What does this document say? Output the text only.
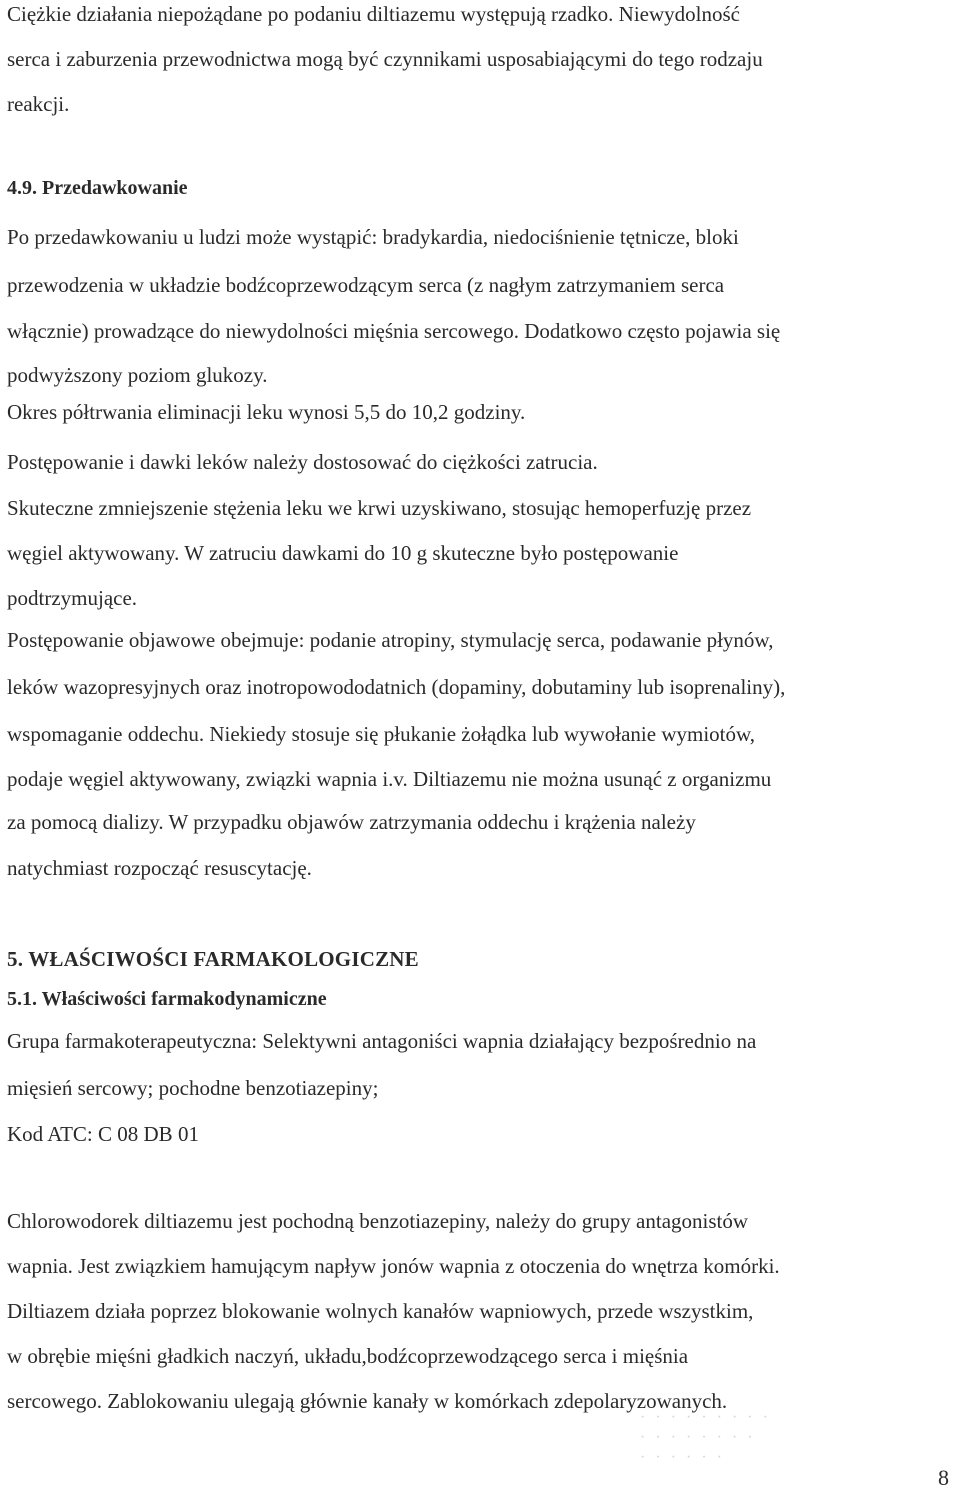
Ciężkie działania niepożądane po podaniu diltiazemu występują rzadko. Niewydolność
serca i zaburzenia przewodnictwa mogą być czynnikami usposabiającymi do tego rodzaju
reakcji.
4.9. Przedawkowanie
Po przedawkowaniu u ludzi może wystąpić: bradykardia, niedociśnienie tętnicze, bloki
przewodzenia w układzie bodźcoprzewodzącym serca (z nagłym zatrzymaniem serca
włącznie) prowadzące do niewydolności mięśnia sercowego. Dodatkowo często pojawia się
podwyższony poziom glukozy.
Okres półtrwania eliminacji leku wynosi 5,5 do 10,2 godziny.
Postępowanie i dawki leków należy dostosować do ciężkości zatrucia.
Skuteczne zmniejszenie stężenia leku we krwi uzyskiwano, stosując hemoperfuzję przez
węgiel aktywowany. W zatruciu dawkami do 10 g skuteczne było postępowanie
podtrzymujące.
Postępowanie objawowe obejmuje: podanie atropiny, stymulację serca, podawanie płynów,
leków wazopresyjnych oraz inotropowododatnich (dopaminy, dobutaminy lub isoprenaliny),
wspomaganie oddechu. Niekiedy stosuje się płukanie żołądka lub wywołanie wymiotów,
podaje węgiel aktywowany, związki wapnia i.v. Diltiazemu nie można usunąć z organizmu
za pomocą dializy. W przypadku objawów zatrzymania oddechu i krążenia należy
natychmiast rozpocząć resuscytację.
5. WŁAŚCIWOŚCI FARMAKOLOGICZNE
5.1. Właściwości farmakodynamiczne
Grupa farmakoterapeutyczna: Selektywni antagoniści wapnia działający bezpośrednio na
mięsień sercowy; pochodne benzotiazepiny;
Kod ATC: C 08 DB 01
Chlorowodorek diltiazemu jest pochodną benzotiazepiny, należy do grupy antagonistów
wapnia. Jest związkiem hamującym napływ jonów wapnia z otoczenia do wnętrza komórki.
Diltiazem działa poprzez blokowanie wolnych kanałów wapniowych, przede wszystkim,
w obrębie mięśni gładkich naczyń, układu,bodźcoprzewodzącego serca i mięśnia
sercowego. Zablokowaniu ulegają głównie kanały w komórkach zdepolaryzowanych.
· · · · · · · · ·
· · · · · · · ·
· · · · · ·
8
